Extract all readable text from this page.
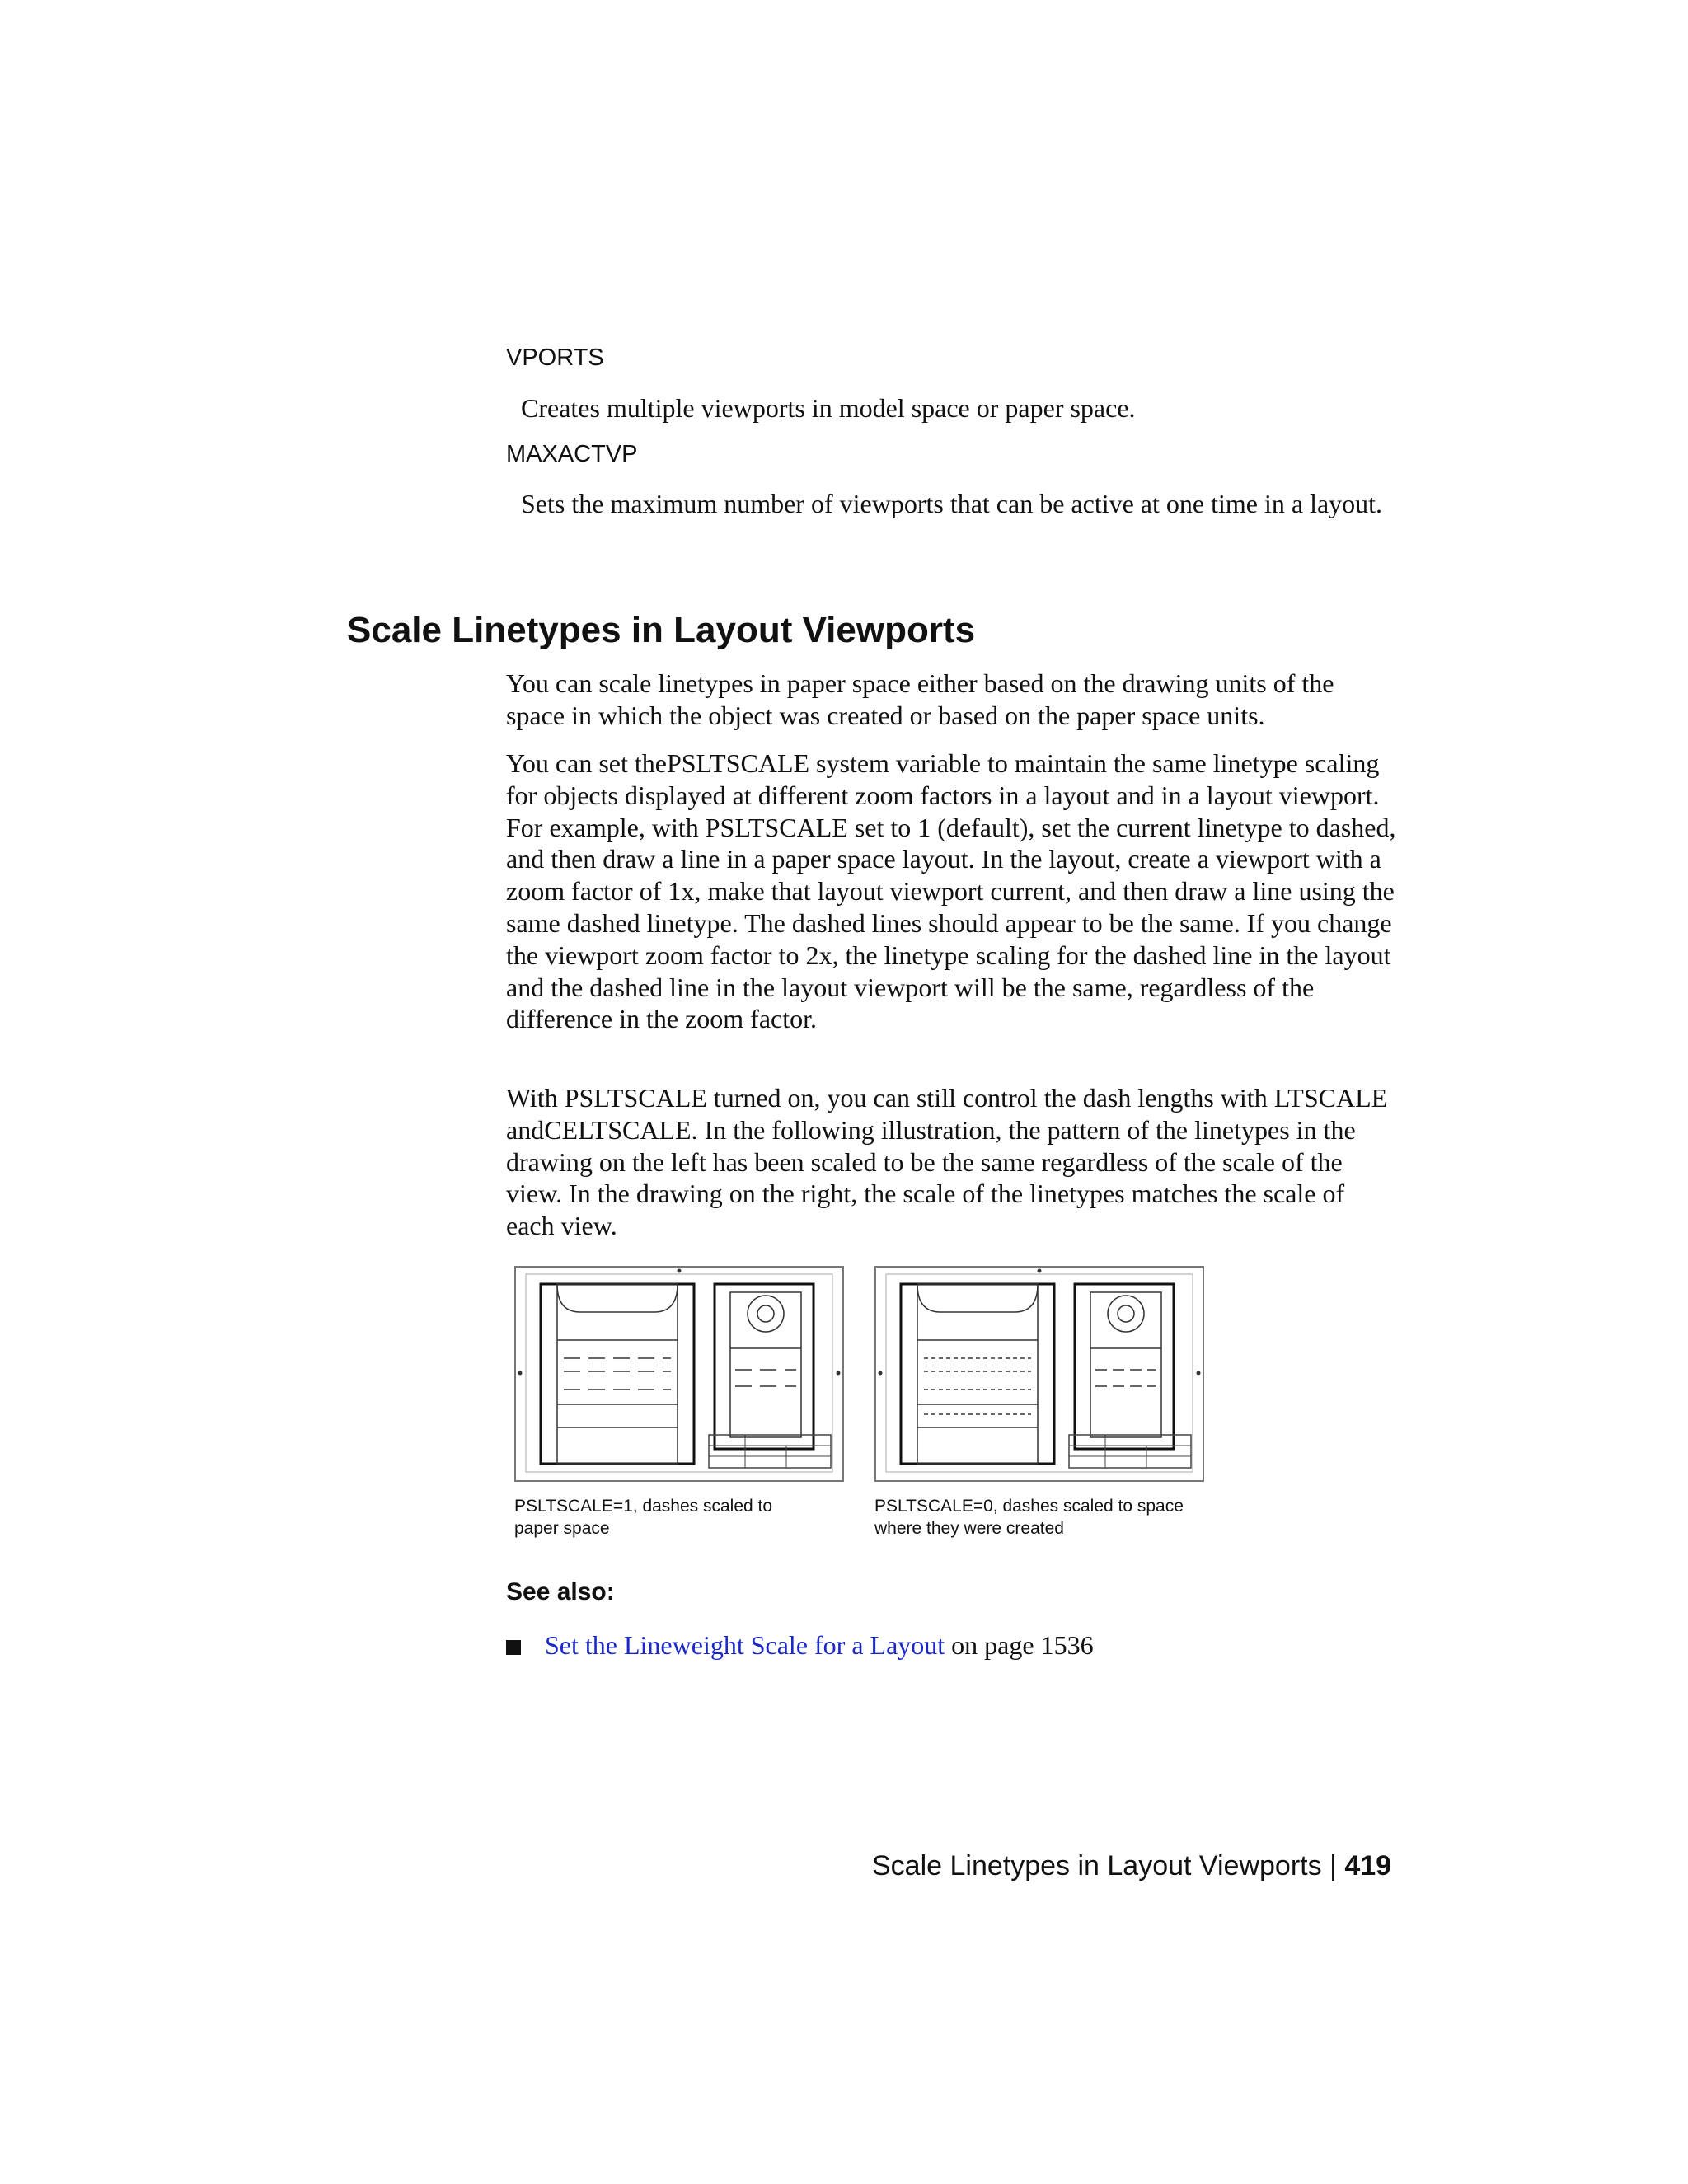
VPORTS
Creates multiple viewports in model space or paper space.
MAXACTVP
Sets the maximum number of viewports that can be active at one time in a layout.
Scale Linetypes in Layout Viewports

You can scale linetypes in paper space either based on the drawing units of the space in which the object was created or based on the paper space units.

You can set thePSLTSCALE system variable to maintain the same linetype scaling for objects displayed at different zoom factors in a layout and in a layout viewport. For example, with PSLTSCALE set to 1 (default), set the current linetype to dashed, and then draw a line in a paper space layout. In the layout, create a viewport with a zoom factor of 1x, make that layout viewport current, and then draw a line using the same dashed linetype. The dashed lines should appear to be the same. If you change the viewport zoom factor to 2x, the linetype scaling for the dashed line in the layout and the dashed line in the layout viewport will be the same, regardless of the difference in the zoom factor.

With PSLTSCALE turned on, you can still control the dash lengths with LTSCALE andCELTSCALE. In the following illustration, the pattern of the linetypes in the drawing on the left has been scaled to be the same regardless of the scale of the view. In the drawing on the right, the scale of the linetypes matches the scale of each view.

PSLTSCALE=1, dashes scaled to
paper space
PSLTSCALE=0, dashes scaled to space
where they were created
See also:
Set the Lineweight Scale for a Layout on page 1536
Scale Linetypes in Layout Viewports | 419
